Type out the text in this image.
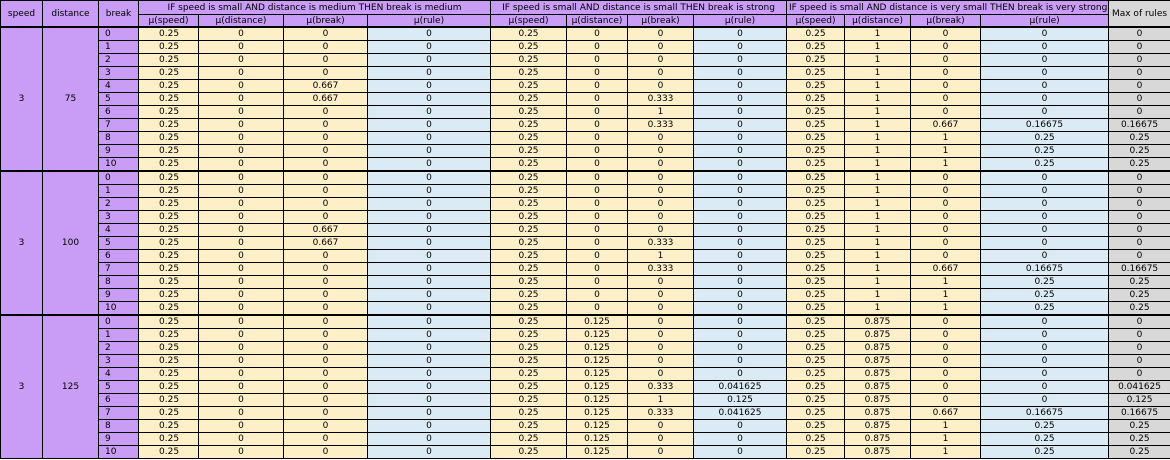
speed	distance	break	IF speed is small AND distance is medium THEN break is medium				IF speed is small AND distance is small THEN break is strong				IF speed is small AND distance is very small THEN break is very strong				Max of rules
			µ(speed)	µ(distance)	µ(break)	µ(rule)	µ(speed)	µ(distance)	µ(break)	µ(rule)	µ(speed)	µ(distance)	µ(break)	µ(rule)	
3	75	0	0.25	0	0	0	0.25	0	0	0	0.25	1	0	0	0
		1	0.25	0	0	0	0.25	0	0	0	0.25	1	0	0	0
		2	0.25	0	0	0	0.25	0	0	0	0.25	1	0	0	0
		3	0.25	0	0	0	0.25	0	0	0	0.25	1	0	0	0
		4	0.25	0	0.667	0	0.25	0	0	0	0.25	1	0	0	0
		5	0.25	0	0.667	0	0.25	0	0.333	0	0.25	1	0	0	0
		6	0.25	0	0	0	0.25	0	1	0	0.25	1	0	0	0
		7	0.25	0	0	0	0.25	0	0.333	0	0.25	1	0.667	0.16675	0.16675
		8	0.25	0	0	0	0.25	0	0	0	0.25	1	1	0.25	0.25
		9	0.25	0	0	0	0.25	0	0	0	0.25	1	1	0.25	0.25
		10	0.25	0	0	0	0.25	0	0	0	0.25	1	1	0.25	0.25
3	100	0	0.25	0	0	0	0.25	0	0	0	0.25	1	0	0	0
		1	0.25	0	0	0	0.25	0	0	0	0.25	1	0	0	0
		2	0.25	0	0	0	0.25	0	0	0	0.25	1	0	0	0
		3	0.25	0	0	0	0.25	0	0	0	0.25	1	0	0	0
		4	0.25	0	0.667	0	0.25	0	0	0	0.25	1	0	0	0
		5	0.25	0	0.667	0	0.25	0	0.333	0	0.25	1	0	0	0
		6	0.25	0	0	0	0.25	0	1	0	0.25	1	0	0	0
		7	0.25	0	0	0	0.25	0	0.333	0	0.25	1	0.667	0.16675	0.16675
		8	0.25	0	0	0	0.25	0	0	0	0.25	1	1	0.25	0.25
		9	0.25	0	0	0	0.25	0	0	0	0.25	1	1	0.25	0.25
		10	0.25	0	0	0	0.25	0	0	0	0.25	1	1	0.25	0.25
3	125	0	0.25	0	0	0	0.25	0.125	0	0	0.25	0.875	0	0	0
		1	0.25	0	0	0	0.25	0.125	0	0	0.25	0.875	0	0	0
		2	0.25	0	0	0	0.25	0.125	0	0	0.25	0.875	0	0	0
		3	0.25	0	0	0	0.25	0.125	0	0	0.25	0.875	0	0	0
		4	0.25	0	0	0	0.25	0.125	0	0	0.25	0.875	0	0	0
		5	0.25	0	0	0	0.25	0.125	0.333	0.041625	0.25	0.875	0	0	0.041625
		6	0.25	0	0	0	0.25	0.125	1	0.125	0.25	0.875	0	0	0.125
		7	0.25	0	0	0	0.25	0.125	0.333	0.041625	0.25	0.875	0.667	0.16675	0.16675
		8	0.25	0	0	0	0.25	0.125	0	0	0.25	0.875	1	0.25	0.25
		9	0.25	0	0	0	0.25	0.125	0	0	0.25	0.875	1	0.25	0.25
		10	0.25	0	0	0	0.25	0.125	0	0	0.25	0.875	1	0.25	0.25
